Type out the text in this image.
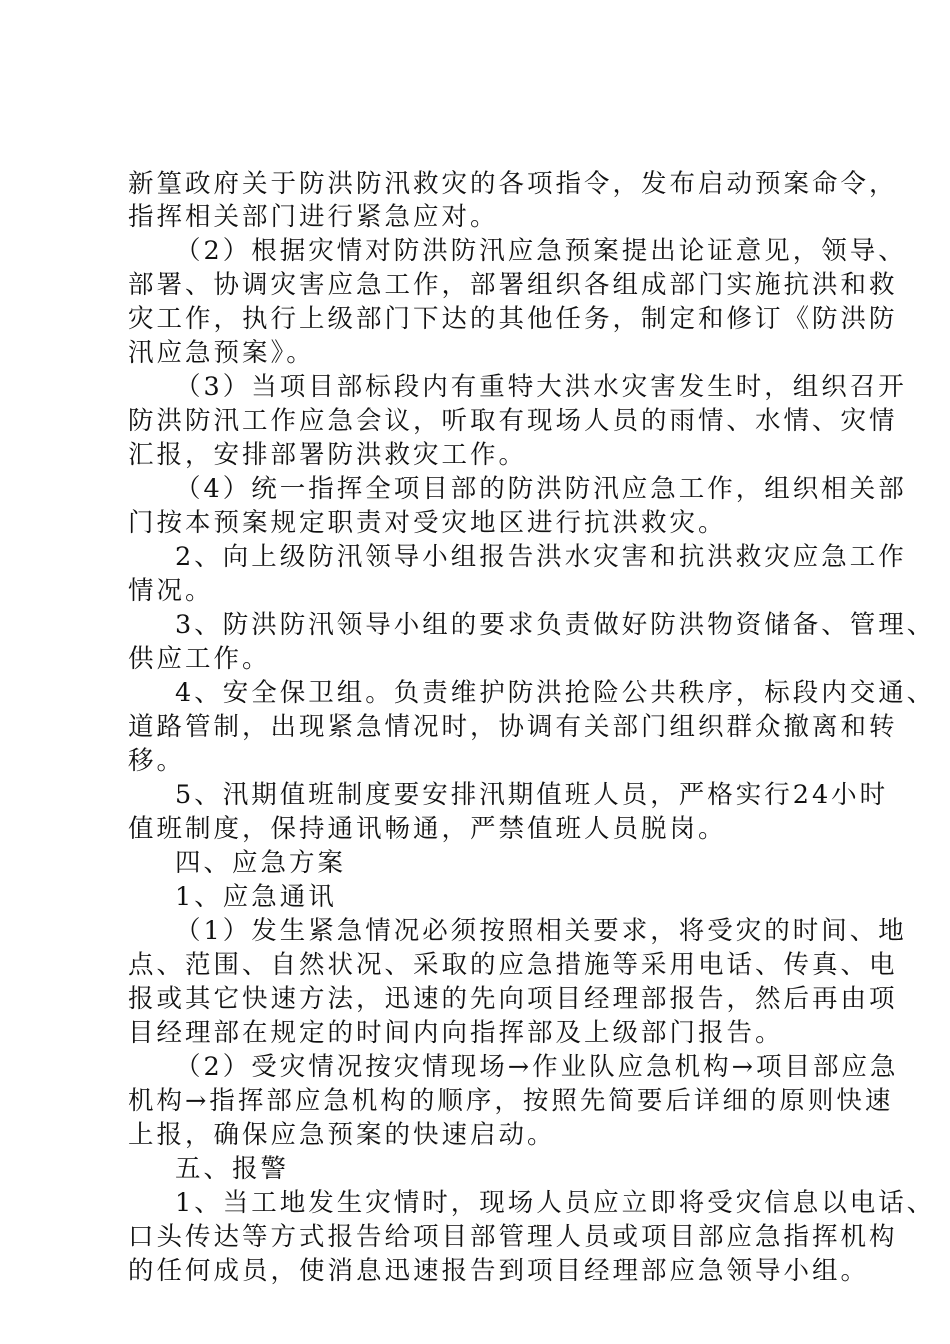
新篁政府关于防洪防汛救灾的各项指令，发布启动预案命令，
指挥相关部门进行紧急应对。
（2）根据灾情对防洪防汛应急预案提出论证意见，领导、
部署、协调灾害应急工作，部署组织各组成部门实施抗洪和救
灾工作，执行上级部门下达的其他任务，制定和修订《防洪防
汛应急预案》。
（3）当项目部标段内有重特大洪水灾害发生时，组织召开
防洪防汛工作应急会议，听取有现场人员的雨情、水情、灾情
汇报，安排部署防洪救灾工作。
（4）统一指挥全项目部的防洪防汛应急工作，组织相关部
门按本预案规定职责对受灾地区进行抗洪救灾。
2、向上级防汛领导小组报告洪水灾害和抗洪救灾应急工作
情况。
3、防洪防汛领导小组的要求负责做好防洪物资储备、管理、
供应工作。
4、安全保卫组。负责维护防洪抢险公共秩序，标段内交通、
道路管制，出现紧急情况时，协调有关部门组织群众撤离和转
移。
5、汛期值班制度要安排汛期值班人员，严格实行24小时
值班制度，保持通讯畅通，严禁值班人员脱岗。
四、应急方案
1、应急通讯
（1）发生紧急情况必须按照相关要求，将受灾的时间、地
点、范围、自然状况、采取的应急措施等采用电话、传真、电
报或其它快速方法，迅速的先向项目经理部报告，然后再由项
目经理部在规定的时间内向指挥部及上级部门报告。
（2）受灾情况按灾情现场→作业队应急机构→项目部应急
机构→指挥部应急机构的顺序，按照先简要后详细的原则快速
上报，确保应急预案的快速启动。
五、报警
1、当工地发生灾情时，现场人员应立即将受灾信息以电话、
口头传达等方式报告给项目部管理人员或项目部应急指挥机构
的任何成员，使消息迅速报告到项目经理部应急领导小组。
